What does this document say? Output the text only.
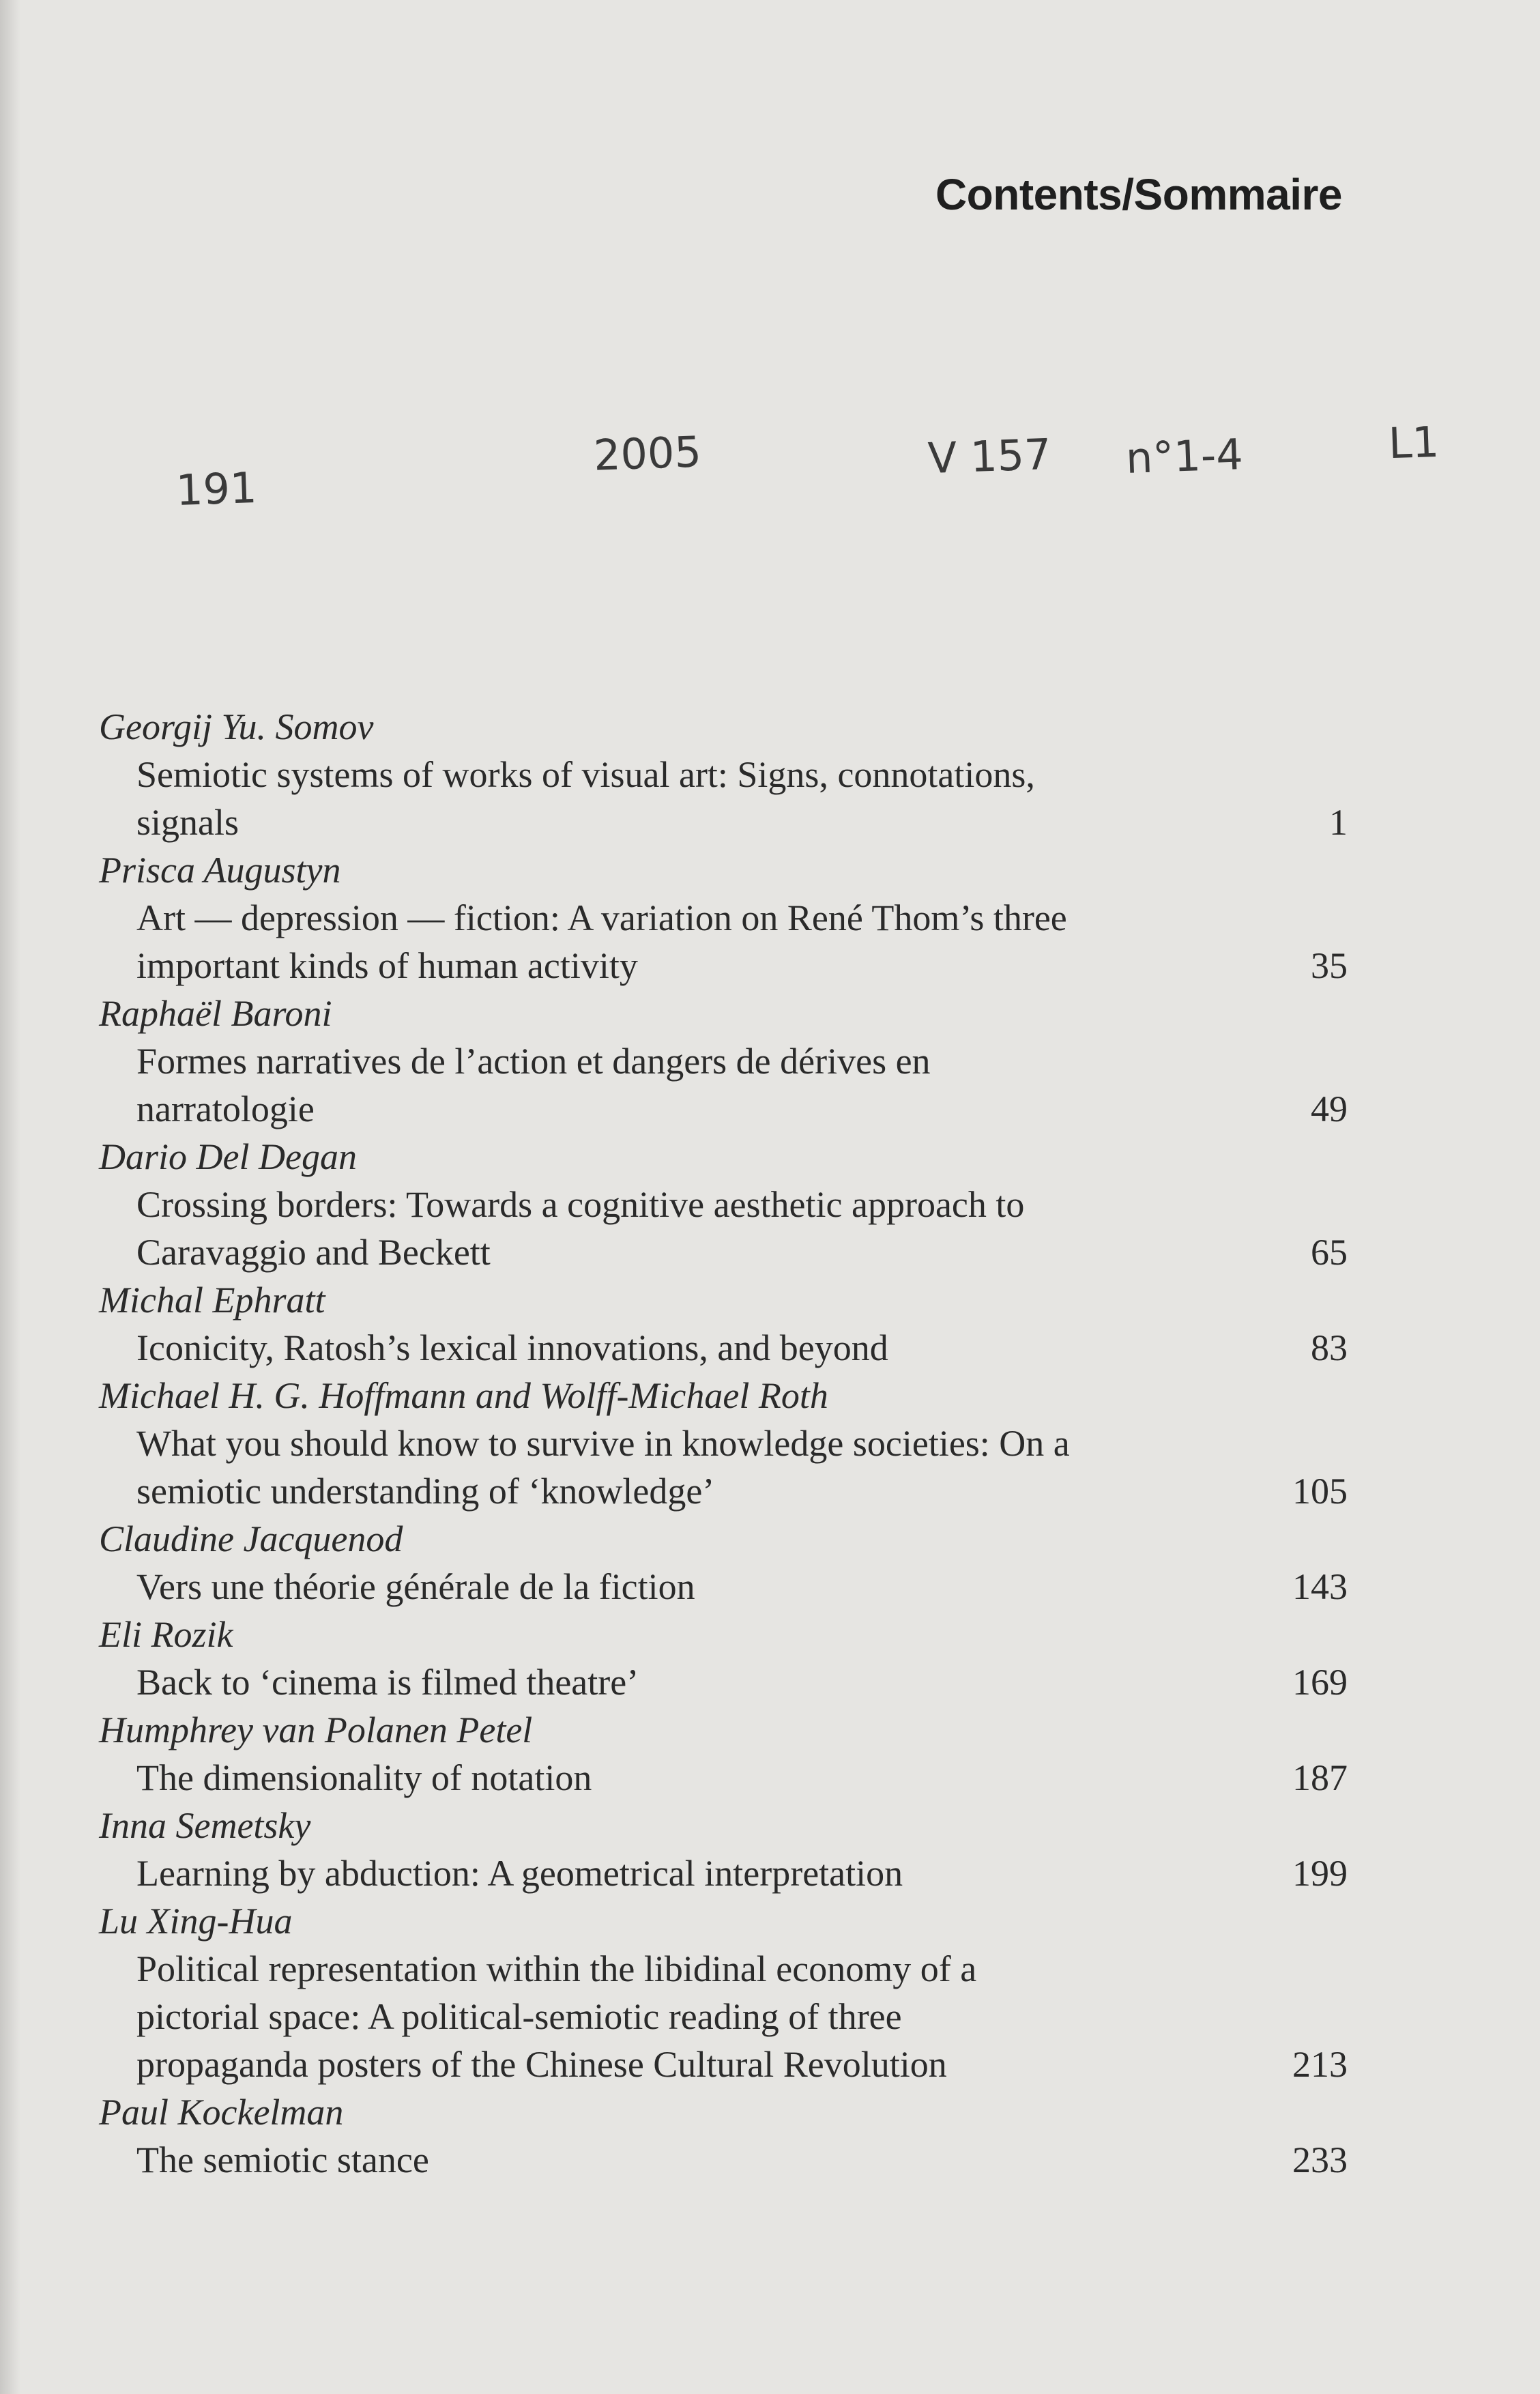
Contents/Sommaire
191
2005	V 157 n°1-4	L1
Georgij Yu. Somov
Semiotic systems of works of visual art: Signs, connotations,
signals	1
Prisca Augustyn
Art — depression — fiction: A variation on René Thom’s three
important kinds of human activity	35
Raphaël Baroni
Formes narratives de l’action et dangers de dérives en
narratologie	49
Dario Del Degan
Crossing borders: Towards a cognitive aesthetic approach to
Caravaggio and Beckett	65
Michal Ephratt
Iconicity, Ratosh’s lexical innovations, and beyond	83
Michael H. G. Hoffmann and Wolff-Michael Roth
What you should know to survive in knowledge societies: On a
semiotic understanding of ‘knowledge’	105
Claudine Jacquenod
Vers une théorie générale de la fiction	143
Eli Rozik
Back to ‘cinema is filmed theatre’	169
Humphrey van Polanen Petel
The dimensionality of notation	187
Inna Semetsky
Learning by abduction: A geometrical interpretation	199
Lu Xing-Hua
Political representation within the libidinal economy of a
pictorial space: A political-semiotic reading of three
propaganda posters of the Chinese Cultural Revolution	213
Paul Kockelman
The semiotic stance	233
